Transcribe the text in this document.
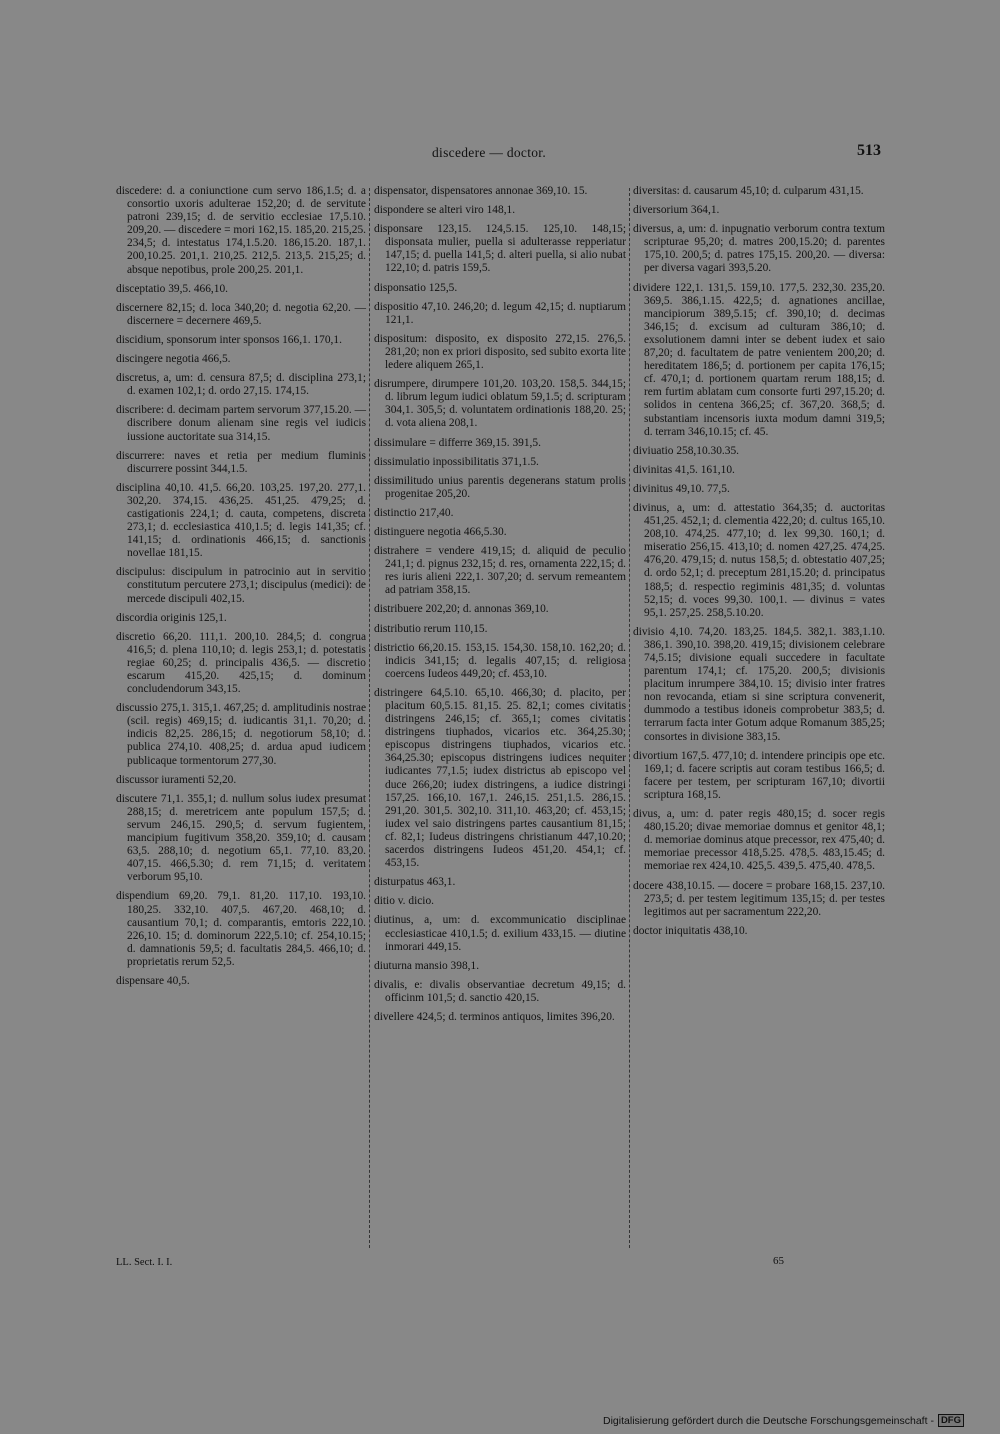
discedere — doctor.	513

discedere: d. a coniunctione cum servo 186,1.5; d. a consortio uxoris adulterae 152,20; d. de servitute patroni 239,15; d. de servitio ecclesiae 17,5.10. 209,20. — discedere = mori 162,15. 185,20. 215,25. 234,5; d. intestatus 174,1.5.20. 186,15.20. 187,1. 200,10.25. 201,1. 210,25. 212,5. 213,5. 215,25; d. absque nepotibus, prole 200,25. 201,1.

disceptatio 39,5. 466,10.

discernere 82,15; d. loca 340,20; d. negotia 62,20. — discernere = decernere 469,5.

discidium, sponsorum inter sponsos 166,1. 170,1.

discingere negotia 466,5.

discretus, a, um: d. censura 87,5; d. disciplina 273,1; d. examen 102,1; d. ordo 27,15. 174,15.

discribere: d. decimam partem servorum 377,15.20. — discribere donum alienam sine regis vel iudicis iussione auctoritate sua 314,15.

discurrere: naves et retia per medium fluminis discurrere possint 344,1.5.

disciplina 40,10. 41,5. 66,20. 103,25. 197,20. 277,1. 302,20. 374,15. 436,25. 451,25. 479,25; d. castigationis 224,1; d. cauta, competens, discreta 273,1; d. ecclesiastica 410,1.5; d. legis 141,35; cf. 141,15; d. ordinationis 466,15; d. sanctionis novellae 181,15.

discipulus: discipulum in patrocinio aut in servitio constitutum percutere 273,1; discipulus (medici): de mercede discipuli 402,15.

discordia originis 125,1.

discretio 66,20. 111,1. 200,10. 284,5; d. congrua 416,5; d. plena 110,10; d. legis 253,1; d. potestatis regiae 60,25; d. principalis 436,5. — discretio escarum 415,20. 425,15; d. dominum concludendorum 343,15.

discussio 275,1. 315,1. 467,25; d. amplitudinis nostrae (scil. regis) 469,15; d. iudicantis 31,1. 70,20; d. indicis 82,25. 286,15; d. negotiorum 58,10; d. publica 274,10. 408,25; d. ardua apud iudicem publicaque tormentorum 277,30.

discussor iuramenti 52,20.

discutere 71,1. 355,1; d. nullum solus iudex presumat 288,15; d. meretricem ante populum 157,5; d. servum 246,15. 290,5; d. servum fugientem, mancipium fugitivum 358,20. 359,10; d. causam 63,5. 288,10; d. negotium 65,1. 77,10. 83,20. 407,15. 466,5.30; d. rem 71,15; d. veritatem verborum 95,10.

dispendium 69,20. 79,1. 81,20. 117,10. 193,10. 180,25. 332,10. 407,5. 467,20. 468,10; d. causantium 70,1; d. comparantis, emtoris 222,10. 226,10. 15; d. dominorum 222,5.10; cf. 254,10.15; d. damnationis 59,5; d. facultatis 284,5. 466,10; d. proprietatis rerum 52,5.

dispensare 40,5.

dispensator, dispensatores annonae 369,10. 15.

dispondere se alteri viro 148,1.

disponsare 123,15. 124,5.15. 125,10. 148,15; disponsata mulier, puella si adulterasse repperiatur 147,15; d. puella 141,5; d. alteri puella, si alio nubat 122,10; d. patris 159,5.

disponsatio 125,5.

dispositio 47,10. 246,20; d. legum 42,15; d. nuptiarum 121,1.

dispositum: disposito, ex disposito 272,15. 276,5. 281,20; non ex priori disposito, sed subito exorta lite ledere aliquem 265,1.

disrumpere, dirumpere 101,20. 103,20. 158,5. 344,15; d. librum legum iudici oblatum 59,1.5; d. scripturam 304,1. 305,5; d. voluntatem ordinationis 188,20. 25; d. vota aliena 208,1.

dissimulare = differre 369,15. 391,5.

dissimulatio inpossibilitatis 371,1.5.

dissimilitudo unius parentis degenerans statum prolis progenitae 205,20.

distinctio 217,40.

distinguere negotia 466,5.30.

distrahere = vendere 419,15; d. aliquid de peculio 241,1; d. pignus 232,15; d. res, ornamenta 222,15; d. res iuris alieni 222,1. 307,20; d. servum remeantem ad patriam 358,15.

distribuere 202,20; d. annonas 369,10.

distributio rerum 110,15.

districtio 66,20.15. 153,15. 154,30. 158,10. 162,20; d. indicis 341,15; d. legalis 407,15; d. religiosa coercens Iudeos 449,20; cf. 453,10.

distringere 64,5.10. 65,10. 466,30; d. placito, per placitum 60,5.15. 81,15. 25. 82,1; comes civitatis distringens 246,15; cf. 365,1; comes civitatis distringens tiuphados, vicarios etc. 364,25.30; episcopus distringens tiuphados, vicarios etc. 364,25.30; episcopus distringens iudices nequiter iudicantes 77,1.5; iudex districtus ab episcopo vel duce 266,20; iudex distringens, a iudice distringi 157,25. 166,10. 167,1. 246,15. 251,1.5. 286,15. 291,20. 301,5. 302,10. 311,10. 463,20; cf. 453,15; iudex vel saio distringens partes causantium 81,15; cf. 82,1; Iudeus distringens christianum 447,10.20; sacerdos distringens Iudeos 451,20. 454,1; cf. 453,15.

disturpatus 463,1.

ditio v. dicio.

diutinus, a, um: d. excommunicatio disciplinae ecclesiasticae 410,1.5; d. exilium 433,15. — diutine inmorari 449,15.

diuturna mansio 398,1.

divalis, e: divalis observantiae decretum 49,15; d. officinm 101,5; d. sanctio 420,15.

divellere 424,5; d. terminos antiquos, limites 396,20.

diversitas: d. causarum 45,10; d. culparum 431,15.

diversorium 364,1.

diversus, a, um: d. inpugnatio verborum contra textum scripturae 95,20; d. matres 200,15.20; d. parentes 175,10. 200,5; d. patres 175,15. 200,20. — diversa: per diversa vagari 393,5.20.

dividere 122,1. 131,5. 159,10. 177,5. 232,30. 235,20. 369,5. 386,1.15. 422,5; d. agnationes ancillae, mancipiorum 389,5.15; cf. 390,10; d. decimas 346,15; d. excisum ad culturam 386,10; d. exsolutionem damni inter se debent iudex et saio 87,20; d. facultatem de patre venientem 200,20; d. hereditatem 186,5; d. portionem per capita 176,15; cf. 470,1; d. portionem quartam rerum 188,15; d. rem furtim ablatam cum consorte furti 297,15.20; d. solidos in centena 366,25; cf. 367,20. 368,5; d. substantiam incensoris iuxta modum damni 319,5; d. terram 346,10.15; cf. 45.

diviuatio 258,10.30.35.

divinitas 41,5. 161,10.

divinitus 49,10. 77,5.

divinus, a, um: d. attestatio 364,35; d. auctoritas 451,25. 452,1; d. clementia 422,20; d. cultus 165,10. 208,10. 474,25. 477,10; d. lex 99,30. 160,1; d. miseratio 256,15. 413,10; d. nomen 427,25. 474,25. 476,20. 479,15; d. nutus 158,5; d. obtestatio 407,25; d. ordo 52,1; d. preceptum 281,15.20; d. principatus 188,5; d. respectio regiminis 481,35; d. voluntas 52,15; d. voces 99,30. 100,1. — divinus = vates 95,1. 257,25. 258,5.10.20.

divisio 4,10. 74,20. 183,25. 184,5. 382,1. 383,1.10. 386,1. 390,10. 398,20. 419,15; divisionem celebrare 74,5.15; divisione equali succedere in facultate parentum 174,1; cf. 175,20. 200,5; divisionis placitum inrumpere 384,10. 15; divisio inter fratres non revocanda, etiam si sine scriptura convenerit, dummodo a testibus idoneis comprobetur 383,5; d. terrarum facta inter Gotum adque Romanum 385,25; consortes in divisione 383,15.

divortium 167,5. 477,10; d. intendere principis ope etc. 169,1; d. facere scriptis aut coram testibus 166,5; d. facere per testem, per scripturam 167,10; divortii scriptura 168,15.

divus, a, um: d. pater regis 480,15; d. socer regis 480,15.20; divae memoriae domnus et genitor 48,1; d. memoriae dominus atque precessor, rex 475,40; d. memoriae precessor 418,5.25. 478,5. 483,15.45; d. memoriae rex 424,10. 425,5. 439,5. 475,40. 478,5.

docere 438,10.15. — docere = probare 168,15. 237,10. 273,5; d. per testem legitimum 135,15; d. per testes legitimos aut per sacramentum 222,20.

doctor iniquitatis 438,10.

LL. Sect. I. I.	65
Digitalisierung gefördert durch die Deutsche Forschungsgemeinschaft - DFG
